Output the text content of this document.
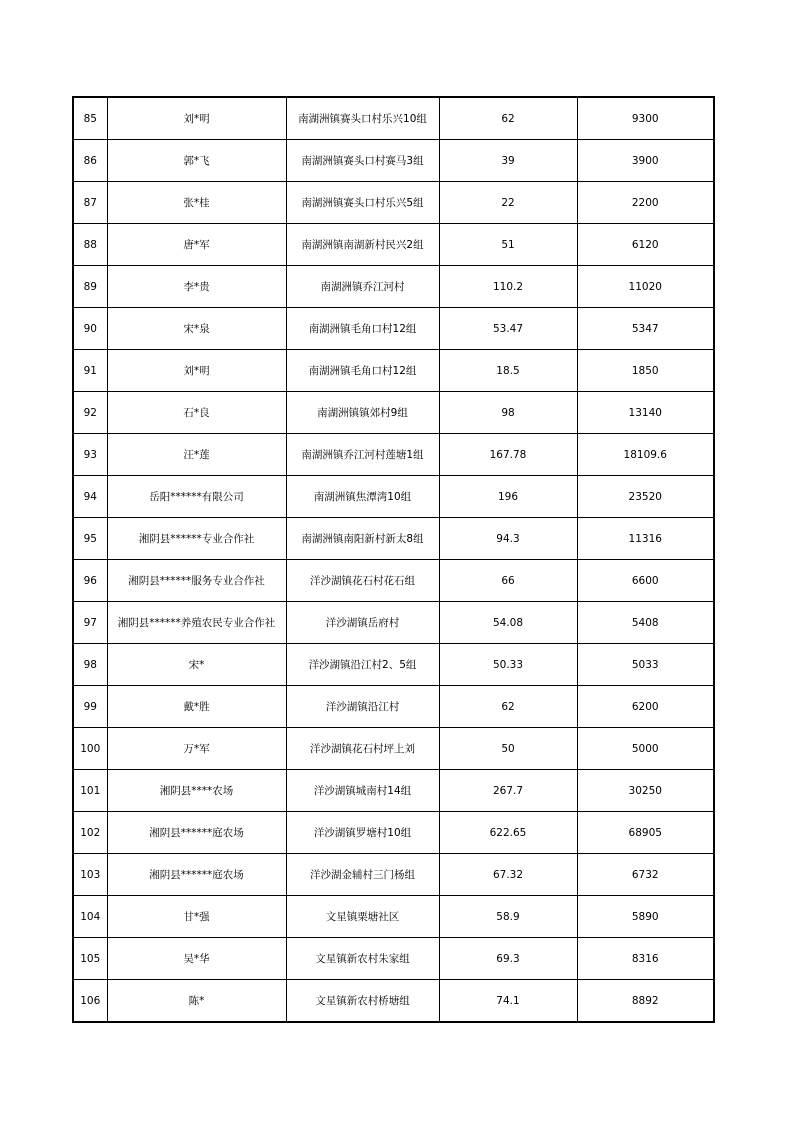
85	刘*明	南湖洲镇赛头口村乐兴10组	62	9300
86	郭*飞	南湖洲镇赛头口村赛马3组	39	3900
87	张*桂	南湖洲镇赛头口村乐兴5组	22	2200
88	唐*军	南湖洲镇南湖新村民兴2组	51	6120
89	李*贵	南湖洲镇乔江河村	110.2	11020
90	宋*泉	南湖洲镇毛角口村12组	53.47	5347
91	刘*明	南湖洲镇毛角口村12组	18.5	1850
92	石*良	南湖洲镇镇郊村9组	98	13140
93	汪*莲	南湖洲镇乔江河村莲塘1组	167.78	18109.6
94	岳阳******有限公司	南湖洲镇焦潭湾10组	196	23520
95	湘阴县******专业合作社	南湖洲镇南阳新村新太8组	94.3	11316
96	湘阴县******服务专业合作社	洋沙湖镇花石村花石组	66	6600
97	湘阴县******养殖农民专业合作社	洋沙湖镇岳府村	54.08	5408
98	宋*	洋沙湖镇沿江村2、5组	50.33	5033
99	戴*胜	洋沙湖镇沿江村	62	6200
100	万*军	洋沙湖镇花石村坪上刘	50	5000
101	湘阴县****农场	洋沙湖镇城南村14组	267.7	30250
102	湘阴县******庭农场	洋沙湖镇罗塘村10组	622.65	68905
103	湘阴县******庭农场	洋沙湖金辅村三门杨组	67.32	6732
104	甘*强	文星镇栗塘社区	58.9	5890
105	吴*华	文星镇新农村朱家组	69.3	8316
106	陈*	文星镇新农村桥塘组	74.1	8892
